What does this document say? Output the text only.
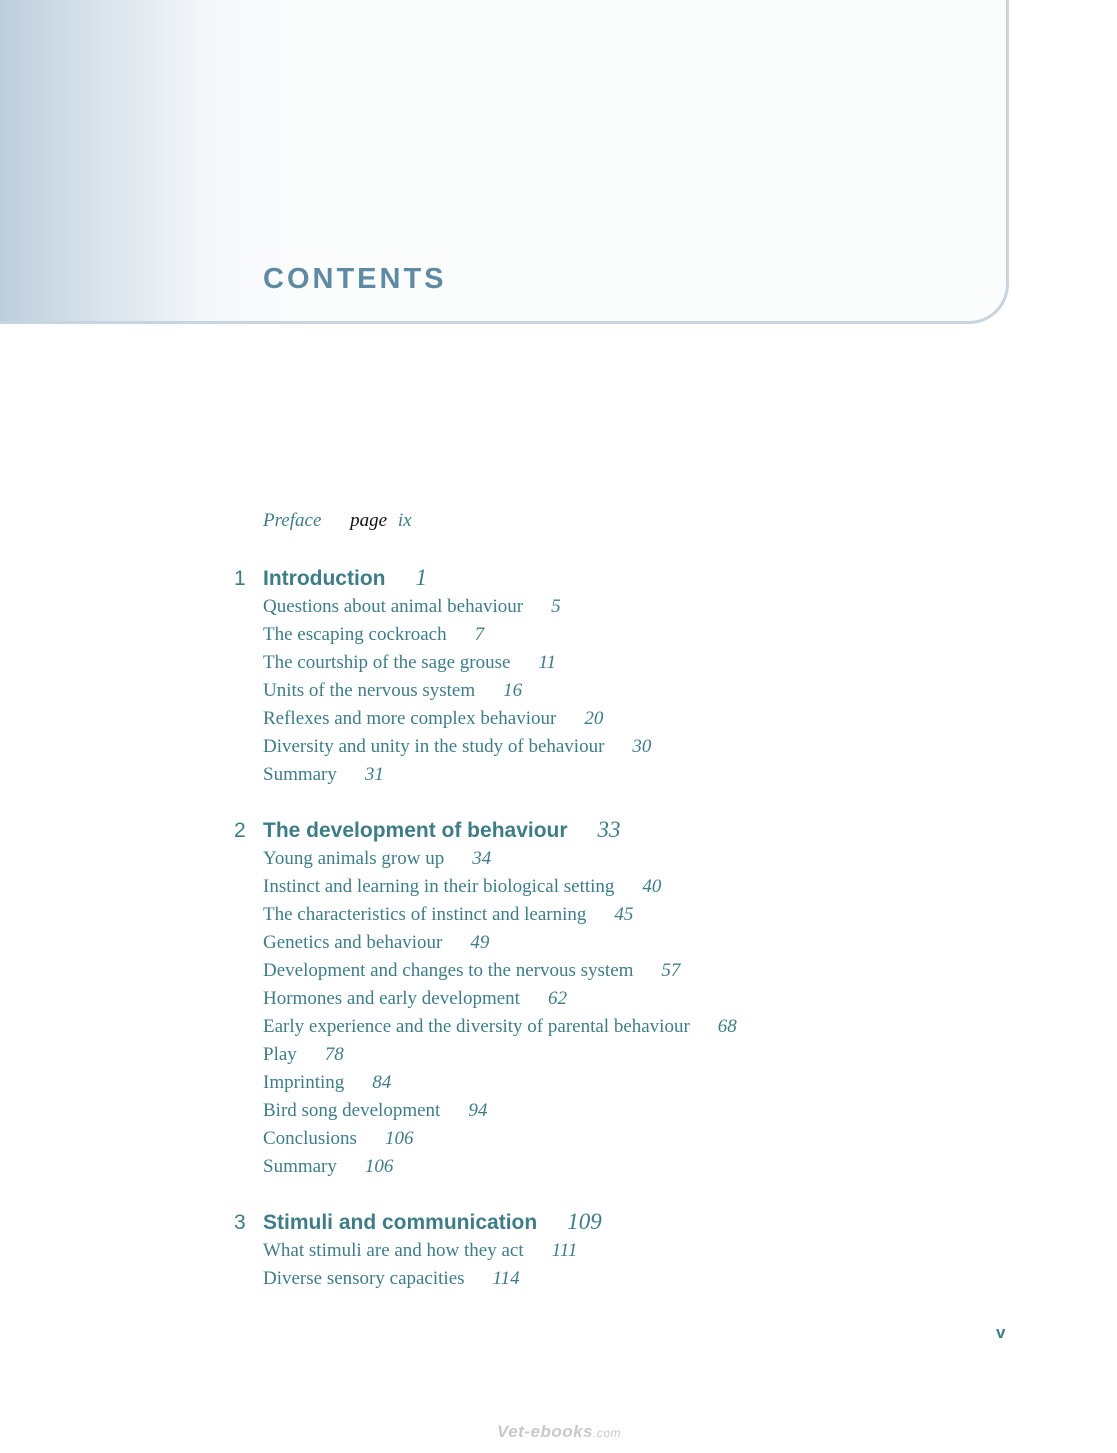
CONTENTS
Preface page ix
1 Introduction 1
Questions about animal behaviour 5
The escaping cockroach 7
The courtship of the sage grouse 11
Units of the nervous system 16
Reflexes and more complex behaviour 20
Diversity and unity in the study of behaviour 30
Summary 31
2 The development of behaviour 33
Young animals grow up 34
Instinct and learning in their biological setting 40
The characteristics of instinct and learning 45
Genetics and behaviour 49
Development and changes to the nervous system 57
Hormones and early development 62
Early experience and the diversity of parental behaviour 68
Play 78
Imprinting 84
Bird song development 94
Conclusions 106
Summary 106
3 Stimuli and communication 109
What stimuli are and how they act 111
Diverse sensory capacities 114
v
Vet-ebooks.com
